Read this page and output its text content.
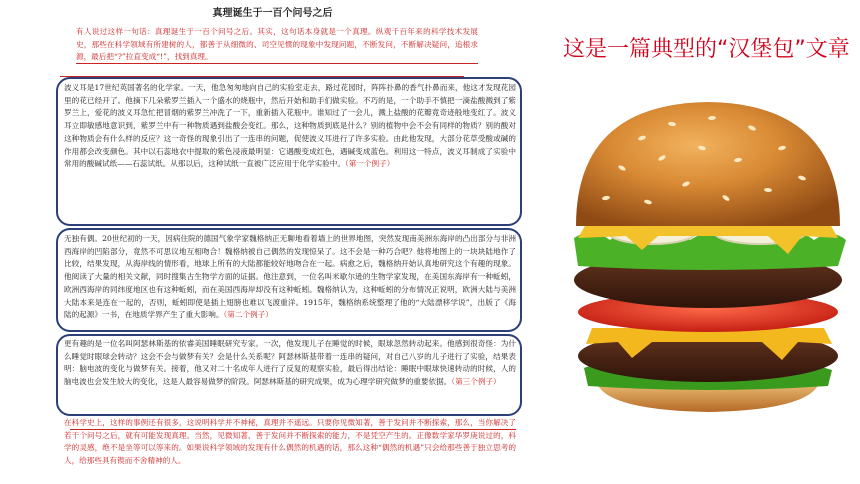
真理诞生于一百个问号之后

有人说过这样一句话：真理诞生于一百个问号之后。其实，这句话本身就是一个真理。纵观千百年来的科学技术发展史，那些在科学领域有所建树的人，都善于从细微的、司空见惯的现象中发现问题，不断发问，不断解决疑问，追根求源，最后把“?”拉直变成“!”，找到真理。

波义耳是17世纪英国著名的化学家。一天，他急匆匆地向自己的实验室走去，路过花园时，阵阵扑鼻的香气扑鼻而来，他这才发现花园里的花已经开了。他摘下几朵紫罗兰插入一个盛水的烧瓶中，然后开始和助手们做实验。不巧的是，一个助手不慎把一滴盐酸溅到了紫罗兰上，爱花的波义耳急忙把冒烟的紫罗兰冲洗了一下，重新插入花瓶中。谁知过了一会儿，溅上盐酸的花瓣竟奇迹般地变红了。波义耳立即敏感地意识到，紫罗兰中有一种物质遇到盐酸会变红。那么，这种物质到底是什么？别的植物中会不会有同样的物质？别的酸对这种物质会有什么样的反应？这一奇怪的现象引出了一连串的问题，促使波义耳进行了许多实验。由此他发现，大部分花草受酸或碱的作用都会改变颜色。其中以石蕊地衣中提取的紫色浸液最明显：它遇酸变成红色，遇碱变成蓝色。利用这一特点，波义耳制成了实验中常用的酸碱试纸——石蕊试纸。从那以后，这种试纸一直被广泛应用于化学实验中。（第一个例子）

无独有偶。20世纪初的一天，因病住院的德国气象学家魏格纳正无聊地看着墙上的世界地图，突然发现南美洲东海岸的凸出部分与非洲西海岸的凹陷部分，竟然不可思议地互相吻合！魏格纳被自己偶然的发现惊呆了。这不会是一种巧合吧？他将地图上的一块块陆地作了比较，结果发现，从海岸线的情形看，地球上所有的大陆都能较好地吻合在一起。病愈之后，魏格纳开始认真地研究这个有趣的现象。他阅读了大量的相关文献，同时搜集古生物学方面的证据。他注意到，一位名叫米歇尔逊的生物学家发现，在美国东海岸有一种蚯蚓，欧洲西海岸的同纬度地区也有这种蚯蚓，而在美国西海岸却没有这种蚯蚓。魏格纳认为，这种蚯蚓的分布情况正说明，欧洲大陆与美洲大陆本来是连在一起的，否则，蚯蚓即使是插上翅膀也难以飞渡重洋。1915年，魏格纳系统整理了他的“大陆漂移学说”，出版了《海陆的起源》一书，在地质学界产生了重大影响。（第二个例子）

更有趣的是一位名叫阿瑟林斯基的依睿美国睡眠研究专家。一次，他发现儿子在睡觉的时候，眼球忽然转动起来。他感到很奇怪：为什么睡觉时眼球会转动？这会不会与做梦有关？会是什么关系呢？阿瑟林斯基带着一连串的疑问，对自己八岁的儿子进行了实验，结果表明：脑电波的变化与做梦有关。接着，他又对二十名成年人进行了反复的观察实验，最后得出结论：睡眠中眼球快速转动的时候，人的脑电波也会发生较大的变化，这是人最容易做梦的阶段。阿瑟林斯基的研究成果，成为心理学研究做梦的重要依据。（第三个例子）

在科学史上，这样的事例还有很多，这说明科学并不神秘，真理并不遥远。只要你见微知著，善于发问并不断探索，那么，当你解决了若干个问号之后，就有可能发现真理。当然，见微知著、善于发问并不断探索的能力，不是凭空产生的。正像数学家华罗庚说过的，科学的灵感，绝不是坐等可以等来的。如果说科学领域的发现有什么偶然的机遇的话，那么这种“偶然的机遇”只会给那些善于独立思考的人，给那些具有锲而不舍精神的人。

这是一篇典型的“汉堡包”文章
